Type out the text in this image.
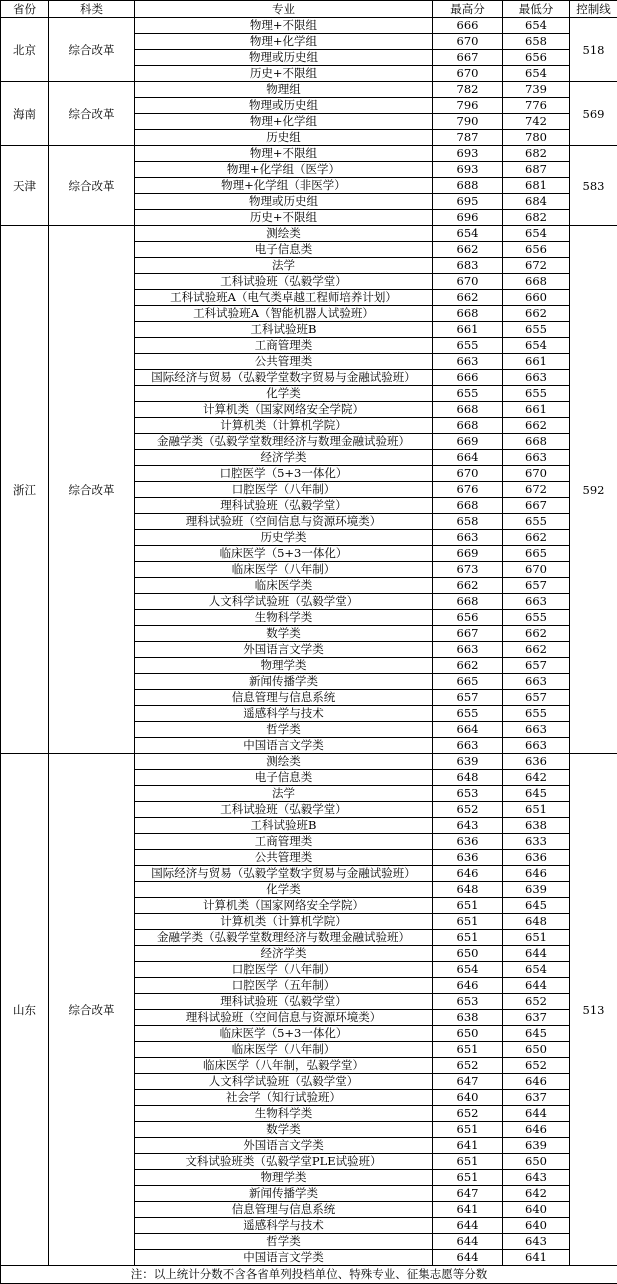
省份	科类	专业	最高分	最低分	控制线
北京	综合改革	物理+不限组	666	654	518
		物理+化学组	670	658	
		物理或历史组	667	656	
		历史+不限组	670	654	
海南	综合改革	物理组	782	739	569
		物理或历史组	796	776	
		物理+化学组	790	742	
		历史组	787	780	
天津	综合改革	物理+不限组	693	682	583
		物理+化学组（医学）	693	687	
		物理+化学组（非医学）	688	681	
		物理或历史组	695	684	
		历史+不限组	696	682	
浙江	综合改革	测绘类	654	654	592
		电子信息类	662	656	
		法学	683	672	
		工科试验班（弘毅学堂）	670	668	
		工科试验班A（电气类卓越工程师培养计划）	662	660	
		工科试验班A（智能机器人试验班）	668	662	
		工科试验班B	661	655	
		工商管理类	655	654	
		公共管理类	663	661	
		国际经济与贸易（弘毅学堂数字贸易与金融试验班）	666	663	
		化学类	655	655	
		计算机类（国家网络安全学院）	668	661	
		计算机类（计算机学院）	668	662	
		金融学类（弘毅学堂数理经济与数理金融试验班）	669	668	
		经济学类	664	663	
		口腔医学（5+3一体化）	670	670	
		口腔医学（八年制）	676	672	
		理科试验班（弘毅学堂）	668	667	
		理科试验班（空间信息与资源环境类）	658	655	
		历史学类	663	662	
		临床医学（5+3一体化）	669	665	
		临床医学（八年制）	673	670	
		临床医学类	662	657	
		人文科学试验班（弘毅学堂）	668	663	
		生物科学类	656	655	
		数学类	667	662	
		外国语言文学类	663	662	
		物理学类	662	657	
		新闻传播学类	665	663	
		信息管理与信息系统	657	657	
		遥感科学与技术	655	655	
		哲学类	664	663	
		中国语言文学类	663	663	
山东	综合改革	测绘类	639	636	513
		电子信息类	648	642	
		法学	653	645	
		工科试验班（弘毅学堂）	652	651	
		工科试验班B	643	638	
		工商管理类	636	633	
		公共管理类	636	636	
		国际经济与贸易（弘毅学堂数字贸易与金融试验班）	646	646	
		化学类	648	639	
		计算机类（国家网络安全学院）	651	645	
		计算机类（计算机学院）	651	648	
		金融学类（弘毅学堂数理经济与数理金融试验班）	651	651	
		经济学类	650	644	
		口腔医学（八年制）	654	654	
		口腔医学（五年制）	646	644	
		理科试验班（弘毅学堂）	653	652	
		理科试验班（空间信息与资源环境类）	638	637	
		临床医学（5+3一体化）	650	645	
		临床医学（八年制）	651	650	
		临床医学（八年制，弘毅学堂）	652	652	
		人文科学试验班（弘毅学堂）	647	646	
		社会学（知行试验班）	640	637	
		生物科学类	652	644	
		数学类	651	646	
		外国语言文学类	641	639	
		文科试验班类（弘毅学堂PLE试验班）	651	650	
		物理学类	651	643	
		新闻传播学类	647	642	
		信息管理与信息系统	641	640	
		遥感科学与技术	644	640	
		哲学类	644	643	
		中国语言文学类	644	641	
注：以上统计分数不含各省单列投档单位、特殊专业、征集志愿等分数					
